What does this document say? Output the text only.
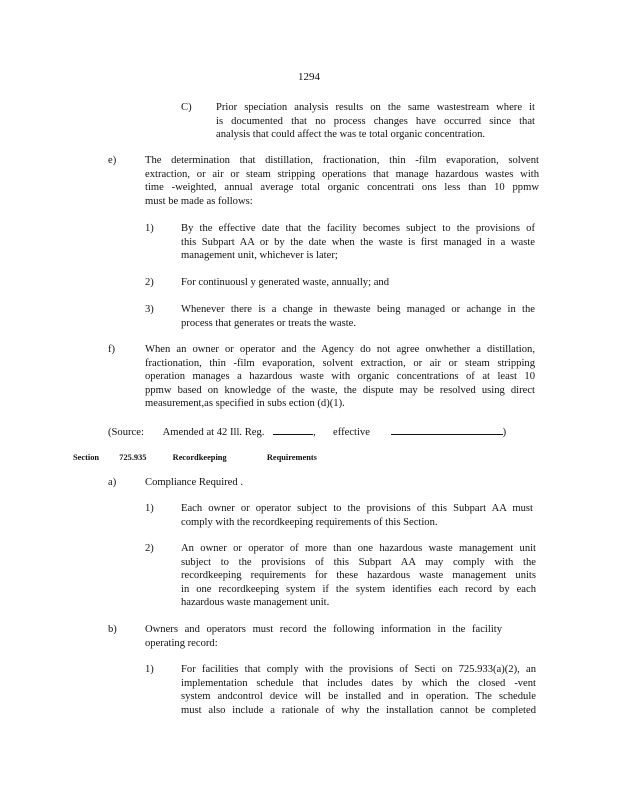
1294
C) Prior speciation analysis results on the same wastestream where it
is documented that no process changes have occurred since that
analysis that could affect the was te total organic concentration.
e)	The determination that distillation, fractionation, thin -film evaporation, solvent
extraction, or air or steam stripping operations that manage hazardous wastes with
time -weighted, annual average total organic concentrati ons less than 10 ppmw
must be made as follows:
1)	By the effective date that the facility becomes subject to the provisions of
this Subpart AA or by the date when the waste is first managed in a waste
management unit, whichever is later;
2)	For continuousl y generated waste, annually; and
3)	Whenever there is a change in thewaste being managed or achange in the
process that generates or treats the waste.
f)	When an owner or operator and the Agency do not agree onwhether a distillation,
fractionation, thin -film evaporation, solvent extraction, or air or steam stripping
operation manages a hazardous waste with organic concentrations of at least 10
ppmw based on knowledge of the waste, the dispute may be resolved using direct
measurement,as specified in subs ection (d)(1).
(Source: Amended at 42 Ill. Reg.	, effective	)
Section 725.935	Recordkeeping	Requirements
a)	Compliance Required .
1)	Each owner or operator subject to the provisions of this Subpart AA must
comply with the recordkeeping requirements of this Section.
2)	An owner or operator of more than one hazardous waste management unit
subject to the provisions of this Subpart AA may comply with the
recordkeeping requirements for these hazardous waste management units
in one recordkeeping system if the system identifies each record by each
hazardous waste management unit.
b)	Owners and operators must record the following information in the facility
operating record:
1)	For facilities that comply with the provisions of Secti on 725.933(a)(2), an
implementation schedule that includes dates by which the closed -vent
system andcontrol device will be installed and in operation. The schedule
must also include a rationale of why the installation cannot be completed
